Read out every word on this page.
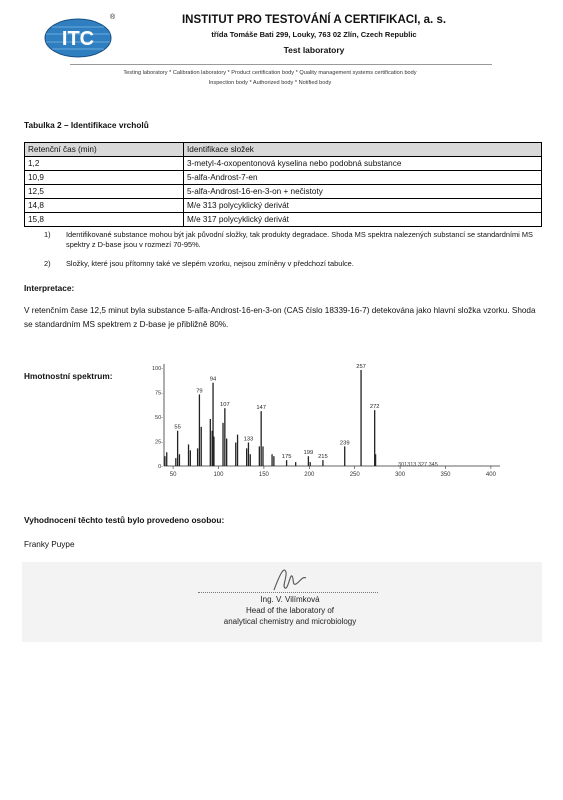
ITC
®	INSTITUT PRO TESTOVÁNÍ A CERTIFIKACI, a. s.
třída Tomáše Bati 299, Louky, 763 02 Zlín, Czech Republic
Test laboratory
Testing laboratory * Calibration laboratory * Product certification body * Quality management systems certification body
Inspection body * Authorized body * Notified body
Tabulka 2 – Identifikace vrcholů
Retenční čas (min)	Identifikace složek
1,2	3-metyl-4-oxopentonová kyselina nebo podobná substance
10,9	5-alfa-Androst-7-en
12,5	5-alfa-Androst-16-en-3-on + nečistoty
14,8	M/e 313 polycyklický derivát
15,8	M/e 317 polycyklický derivát
1) Identifikované substance mohou být jak původní složky, tak produkty degradace. Shoda MS spektra nalezených substancí se standardními MS spektry z D-base jsou v rozmezí 70-95%.
2) Složky, které jsou přítomny také ve slepém vzorku, nejsou zmíněny v předchozí tabulce.
Interpretace:
V retenčním čase 12,5 minut byla substance 5-alfa-Androst-16-en-3-on (CAS číslo 18339-16-7) detekována jako hlavní složka vzorku. Shoda se standardním MS spektrem z D-base je přibližně 80%.
Hmotnostní spektrum:
50	100	150	200	250	300	350	400
0-
25-
50-
75-
100-
55
79
94
107
133
147
175
199
215
239
257
272
301313 327 345
Vyhodnocení těchto testů bylo provedeno osobou:
Franky Puype
Ing. V. Vilímková
Head of the laboratory of
analytical chemistry and microbiology
